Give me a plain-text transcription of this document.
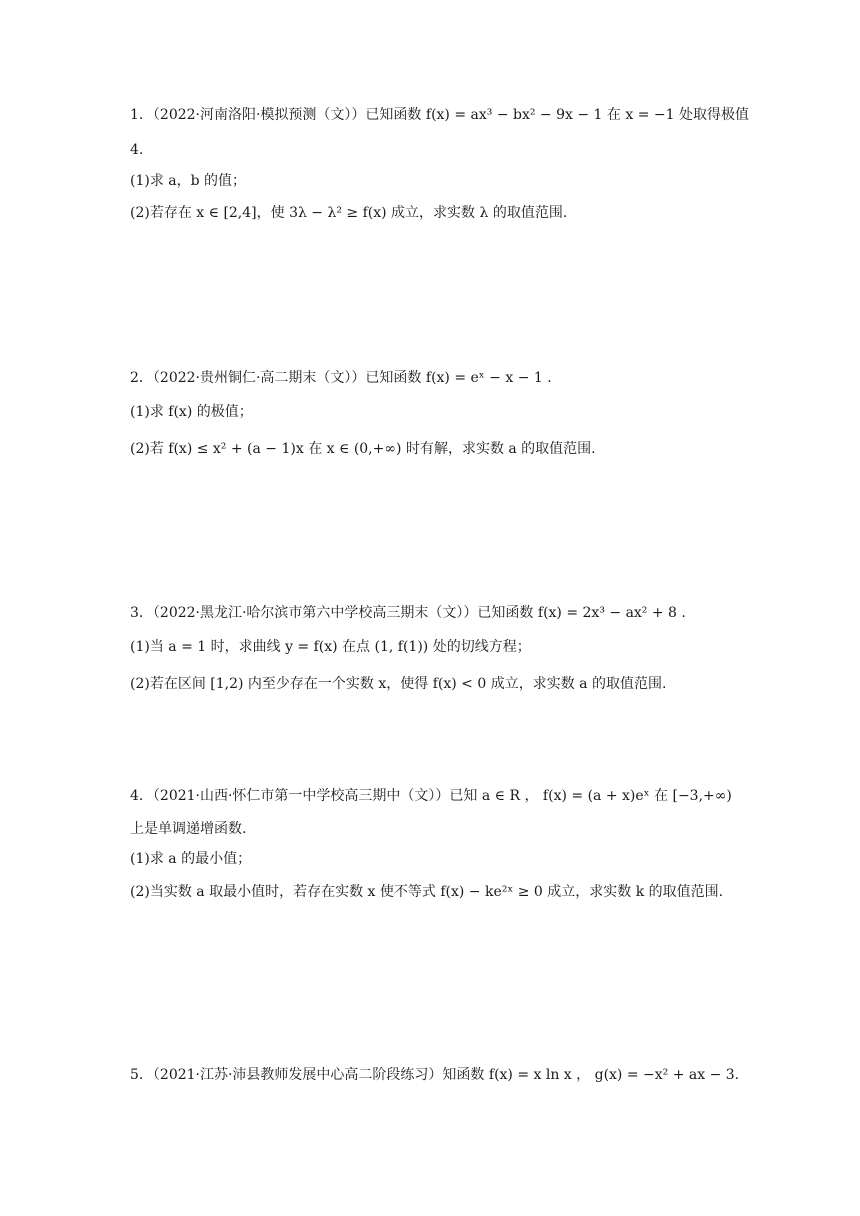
1．（2022·河南洛阳·模拟预测（文））已知函数 f(x) = ax³ − bx² − 9x − 1 在 x = −1 处取得极值
4.
(1)求 a，b 的值；
(2)若存在 x ∈ [2,4]，使 3λ − λ² ≥ f(x) 成立，求实数 λ 的取值范围.
2．（2022·贵州铜仁·高二期末（文））已知函数 f(x) = eˣ − x − 1 .
(1)求 f(x) 的极值；
(2)若 f(x) ≤ x² + (a − 1)x 在 x ∈ (0,+∞) 时有解，求实数 a 的取值范围.
3．（2022·黑龙江·哈尔滨市第六中学校高三期末（文））已知函数 f(x) = 2x³ − ax² + 8 .
(1)当 a = 1 时，求曲线 y = f(x) 在点 (1, f(1)) 处的切线方程；
(2)若在区间 [1,2) 内至少存在一个实数 x，使得 f(x) < 0 成立，求实数 a 的取值范围.
4．（2021·山西·怀仁市第一中学校高三期中（文））已知 a ∈ R ， f(x) = (a + x)eˣ 在 [−3,+∞)
上是单调递增函数.
(1)求 a 的最小值；
(2)当实数 a 取最小值时，若存在实数 x 使不等式 f(x) − ke²ˣ ≥ 0 成立，求实数 k 的取值范围.
5．（2021·江苏·沛县教师发展中心高二阶段练习）知函数 f(x) = x ln x ， g(x) = −x² + ax − 3.
